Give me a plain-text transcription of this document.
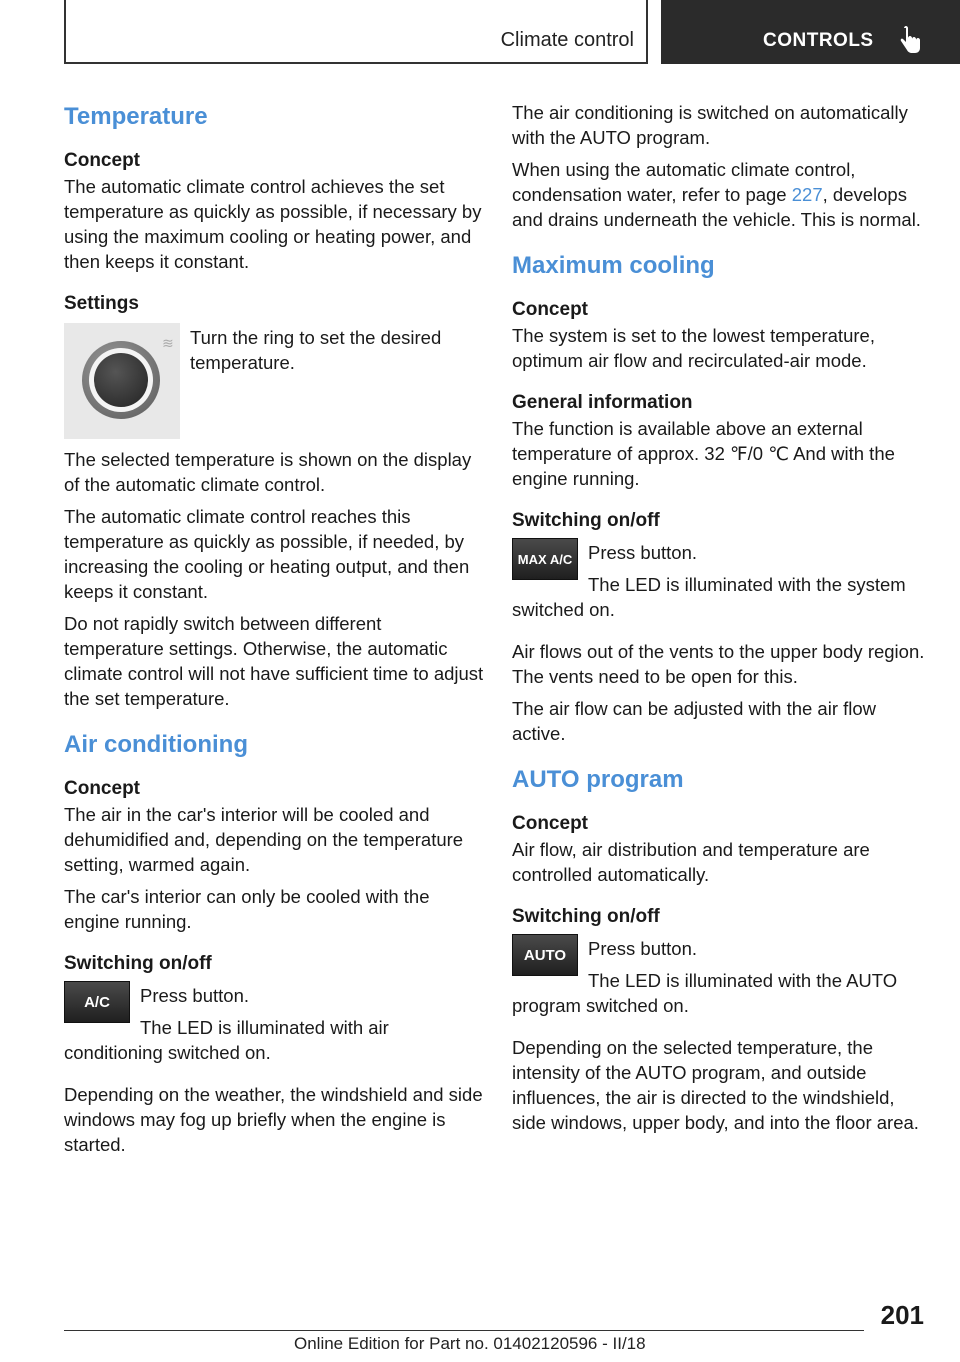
Climate control	CONTROLS
Temperature
Concept

The automatic climate control achieves the set temperature as quickly as possible, if necessary by using the maximum cooling or heating power, and then keeps it constant.

Settings
≋ Turn the ring to set the desired temperature.

The selected temperature is shown on the display of the automatic climate control.

The automatic climate control reaches this temperature as quickly as possible, if needed, by increasing the cooling or heating output, and then keeps it constant.

Do not rapidly switch between different temperature settings. Otherwise, the automatic climate control will not have sufficient time to adjust the set temperature.

Air conditioning
Concept

The air in the car's interior will be cooled and dehumidified and, depending on the temperature setting, warmed again.

The car's interior can only be cooled with the engine running.

Switching on/off
A/C	Press button.

The LED is illuminated with air conditioning switched on.

Depending on the weather, the windshield and side windows may fog up briefly when the engine is started.

The air conditioning is switched on automatically with the AUTO program.

When using the automatic climate control, condensation water, refer to page 227, develops and drains underneath the vehicle. This is normal.

Maximum cooling
Concept

The system is set to the lowest temperature, optimum air flow and recirculated-air mode.

General information

The function is available above an external temperature of approx. 32 ℉/0 ℃ And with the engine running.

Switching on/off
MAX A/C Press button.

The LED is illuminated with the system switched on.

Air flows out of the vents to the upper body region. The vents need to be open for this.

The air flow can be adjusted with the air flow active.

AUTO program
Concept

Air flow, air distribution and temperature are controlled automatically.

Switching on/off
AUTO	Press button.

The LED is illuminated with the AUTO program switched on.

Depending on the selected temperature, the intensity of the AUTO program, and outside influences, the air is directed to the windshield, side windows, upper body, and into the floor area.

201
Online Edition for Part no. 01402120596 - II/18
